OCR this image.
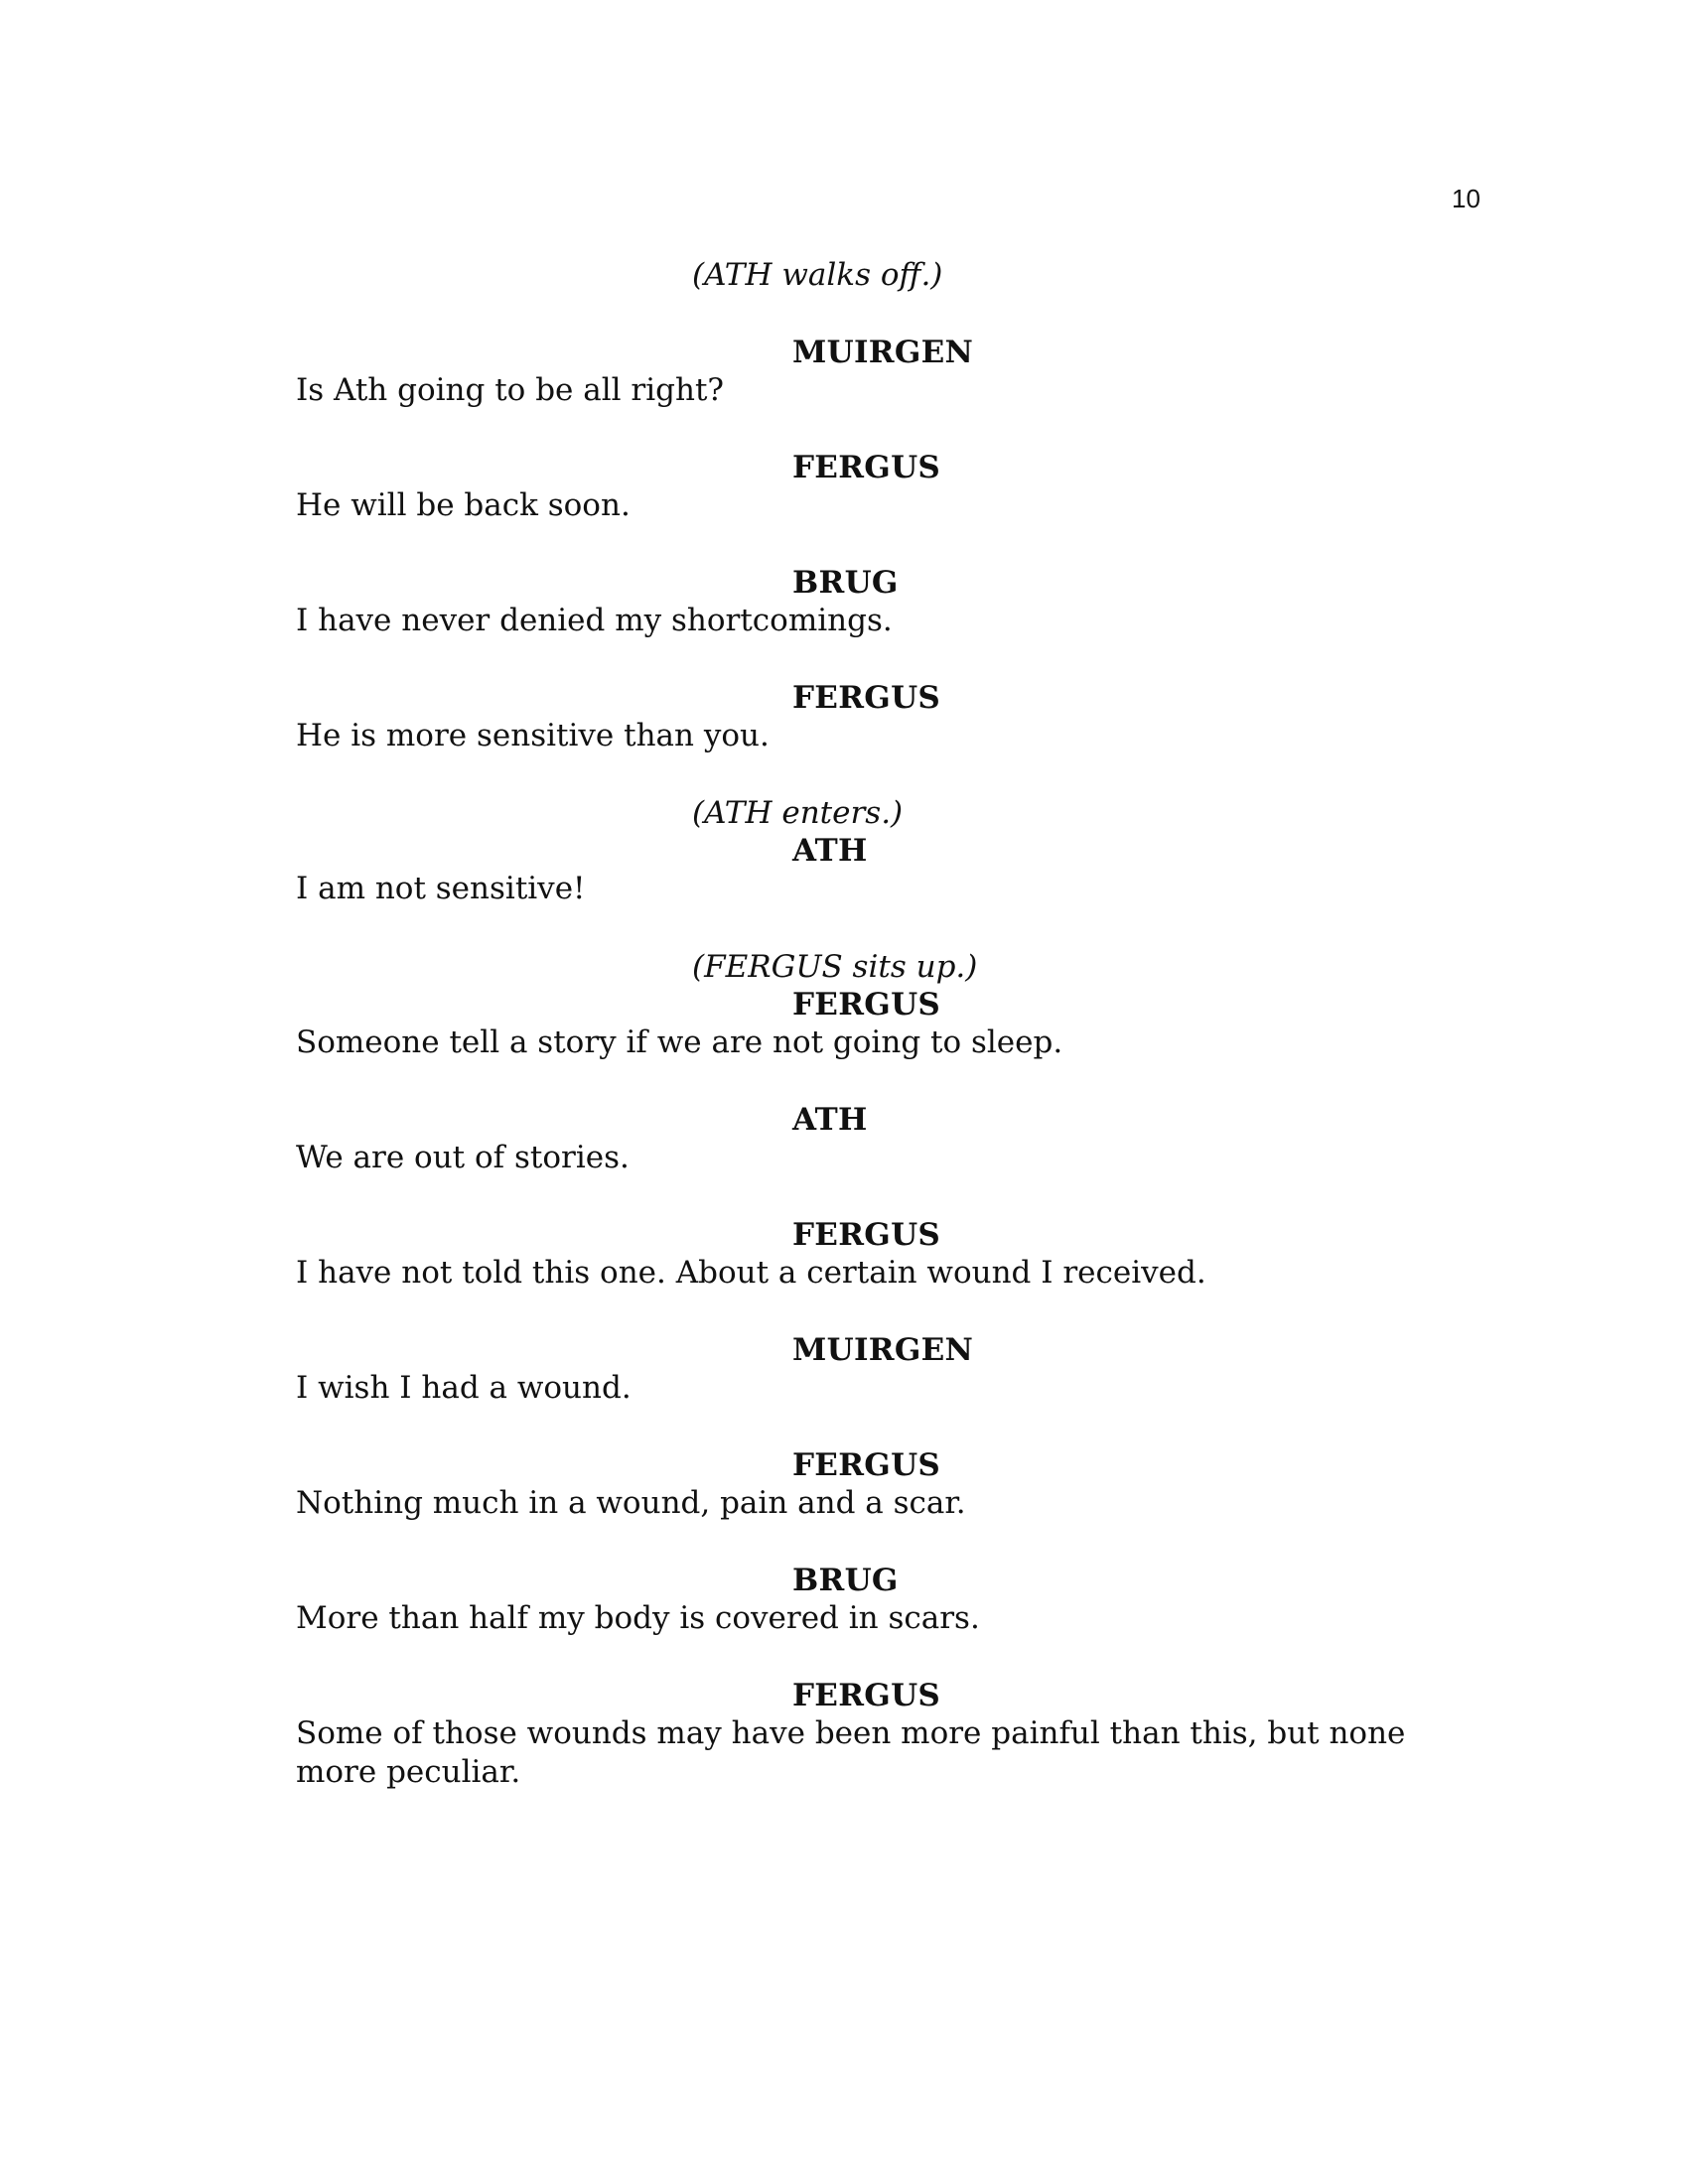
10
(ATH walks off.)
MUIRGEN
Is Ath going to be all right?
FERGUS
He will be back soon.
BRUG
I have never denied my shortcomings.
FERGUS
He is more sensitive than you.
(ATH enters.)
ATH
I am not sensitive!
(FERGUS sits up.)
FERGUS
Someone tell a story if we are not going to sleep.
ATH
We are out of stories.
FERGUS
I have not told this one. About a certain wound I received.
MUIRGEN
I wish I had a wound.
FERGUS
Nothing much in a wound, pain and a scar.
BRUG
More than half my body is covered in scars.
FERGUS
Some of those wounds may have been more painful than this, but none more peculiar.
